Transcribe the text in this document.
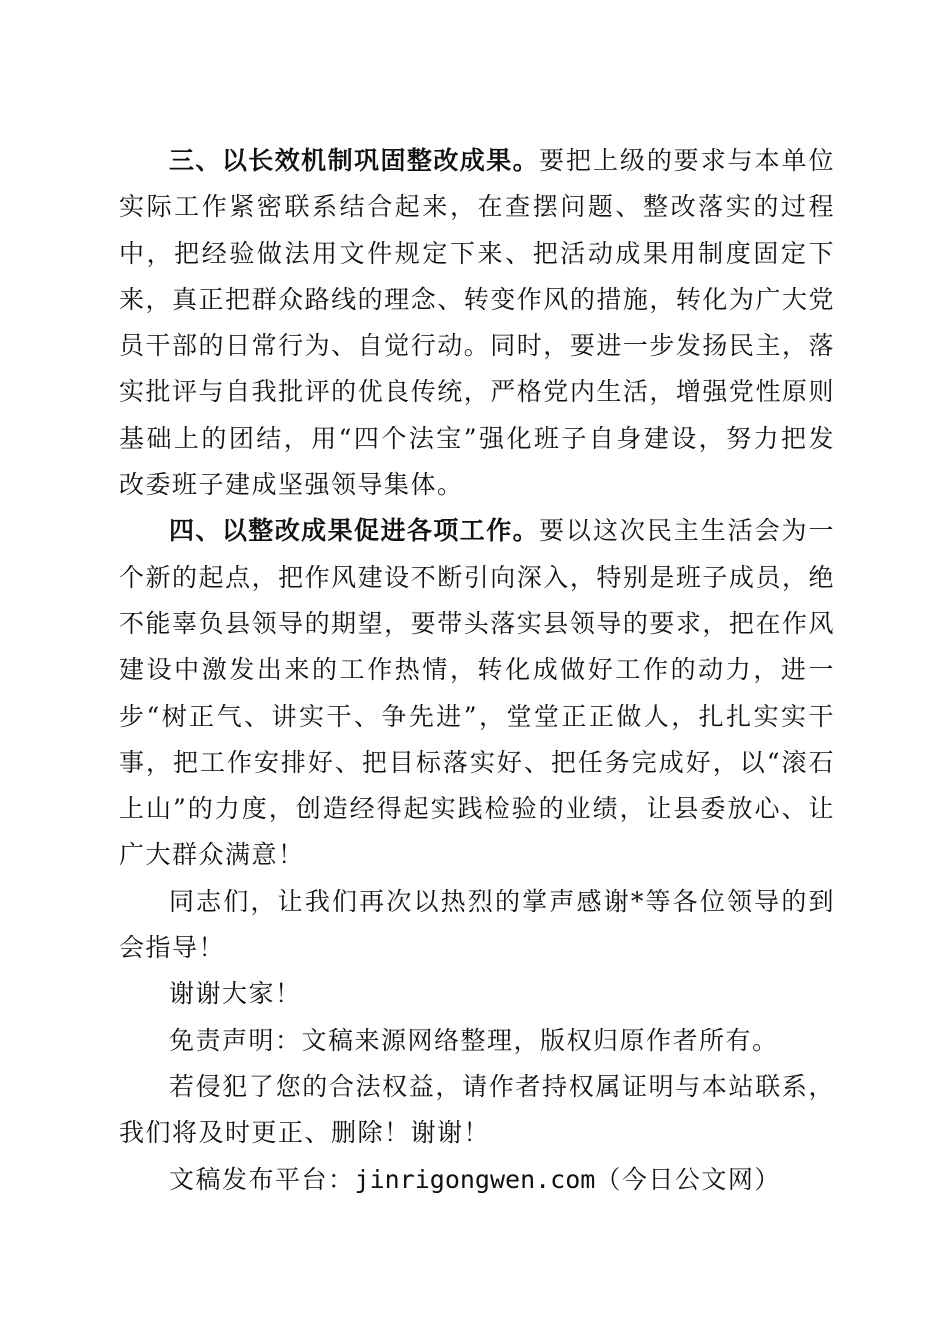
三、以长效机制巩固整改成果。要把上级的要求与本单位实际工作紧密联系结合起来，在查摆问题、整改落实的过程中，把经验做法用文件规定下来、把活动成果用制度固定下来，真正把群众路线的理念、转变作风的措施，转化为广大党员干部的日常行为、自觉行动。同时，要进一步发扬民主，落实批评与自我批评的优良传统，严格党内生活，增强党性原则基础上的团结，用“四个法宝”强化班子自身建设，努力把发改委班子建成坚强领导集体。

四、以整改成果促进各项工作。要以这次民主生活会为一个新的起点，把作风建设不断引向深入，特别是班子成员，绝不能辜负县领导的期望，要带头落实县领导的要求，把在作风建设中激发出来的工作热情，转化成做好工作的动力，进一步“树正气、讲实干、争先进”，堂堂正正做人，扎扎实实干事，把工作安排好、把目标落实好、把任务完成好，以“滚石上山”的力度，创造经得起实践检验的业绩，让县委放心、让广大群众满意！

同志们，让我们再次以热烈的掌声感谢*等各位领导的到会指导！

谢谢大家！

免责声明：文稿来源网络整理，版权归原作者所有。

若侵犯了您的合法权益，请作者持权属证明与本站联系，我们将及时更正、删除！谢谢！

文稿发布平台：jinrigongwen.com（今日公文网）
